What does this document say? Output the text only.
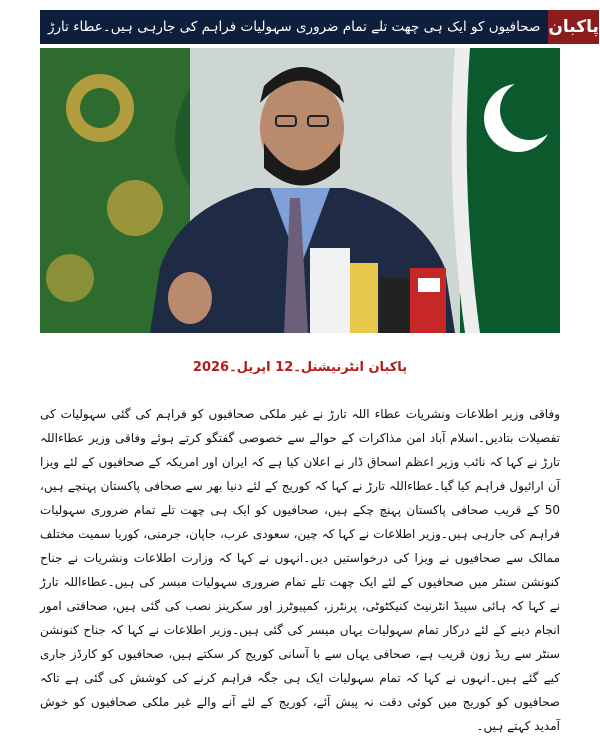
صحافیوں کو ایک ہی چھت تلے تمام ضروری سہولیات فراہم کی جارہی ہیں۔عطاء تارڑ پاکبان
پاکبان انٹرنیشنل۔12 اپریل۔2026

وفاقی وزیر اطلاعات ونشریات عطاء اللہ تارڑ نے غیر ملکی صحافیوں کو فراہم کی گئی سہولیات کی تفصیلات بتادیں۔اسلام آباد امن مذاکرات کے حوالے سے خصوصی گفتگو کرتے ہوئے وفاقی وزیر عطاءاللہ تارڑ نے کہا کہ نائب وزیر اعظم اسحاق ڈار نے اعلان کیا ہے کہ ایران اور امریکہ کے صحافیوں کے لئے ویزا آن ارائیول فراہم کیا گیا۔عطاءاللہ تارڑ نے کہا کہ کوریج کے لئے دنیا بھر سے صحافی پاکستان پہنچے ہیں، 50 کے قریب صحافی پاکستان پہنچ چکے ہیں، صحافیوں کو ایک ہی چھت تلے تمام ضروری سہولیات فراہم کی جارہی ہیں۔وزیر اطلاعات نے کہا کہ چین، سعودی عرب، جاپان، جرمنی، کوریا سمیت مختلف ممالک سے صحافیوں نے ویزا کی درخواستیں دیں۔انہوں نے کہا کہ وزارت اطلاعات ونشریات نے جناح کنونشن سنٹر میں صحافیوں کے لئے ایک چھت تلے تمام ضروری سہولیات میسر کی ہیں۔عطاءاللہ تارڑ نے کہا کہ ہائی سپیڈ انٹرنیٹ کنیکٹوٹی، پرنٹرز، کمپیوٹرز اور سکرینز نصب کی گئی ہیں، صحافتی امور انجام دینے کے لئے درکار تمام سہولیات یہاں میسر کی گئی ہیں۔وزیر اطلاعات نے کہا کہ جناح کنونشن سنٹر سے ریڈ زون قریب ہے، صحافی یہاں سے با آسانی کوریج کر سکتے ہیں، صحافیوں کو کارڈز جاری کیے گئے ہیں۔انہوں نے کہا کہ تمام سہولیات ایک ہی جگہ فراہم کرنے کی کوشش کی گئی ہے تاکہ صحافیوں کو کوریج میں کوئی دقت نہ پیش آئے، کوریج کے لئے آنے والے غیر ملکی صحافیوں کو خوش آمدید کہتے ہیں۔
